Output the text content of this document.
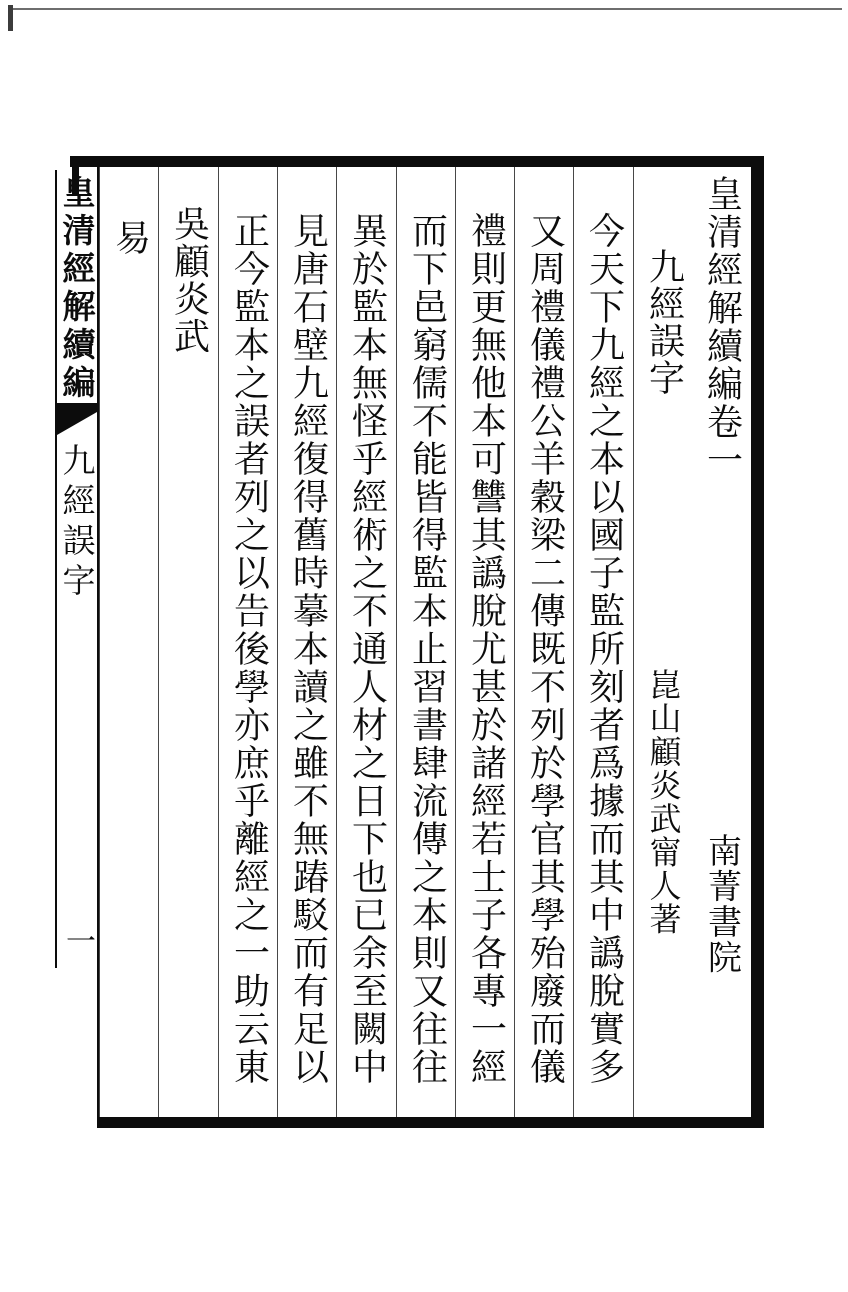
皇清經解續編
九經誤字
一
皇清經解續編卷一
南菁書院
九經誤字
崑山顧炎武甯人著
今天下九經之本以國子監所刻者爲據而其中譌脫實多
又周禮儀禮公羊穀梁二傳既不列於學官其學殆廢而儀
禮則更無他本可讐其譌脫尤甚於諸經若士子各專一經
而下邑窮儒不能皆得監本止習書肆流傳之本則又往往
異於監本無怪乎經術之不通人材之日下也已余至闕中
見唐石壁九經復得舊時摹本讀之雖不無踳駁而有足以
正今監本之誤者列之以告後學亦庶乎離經之一助云東
吳顧炎武
易
